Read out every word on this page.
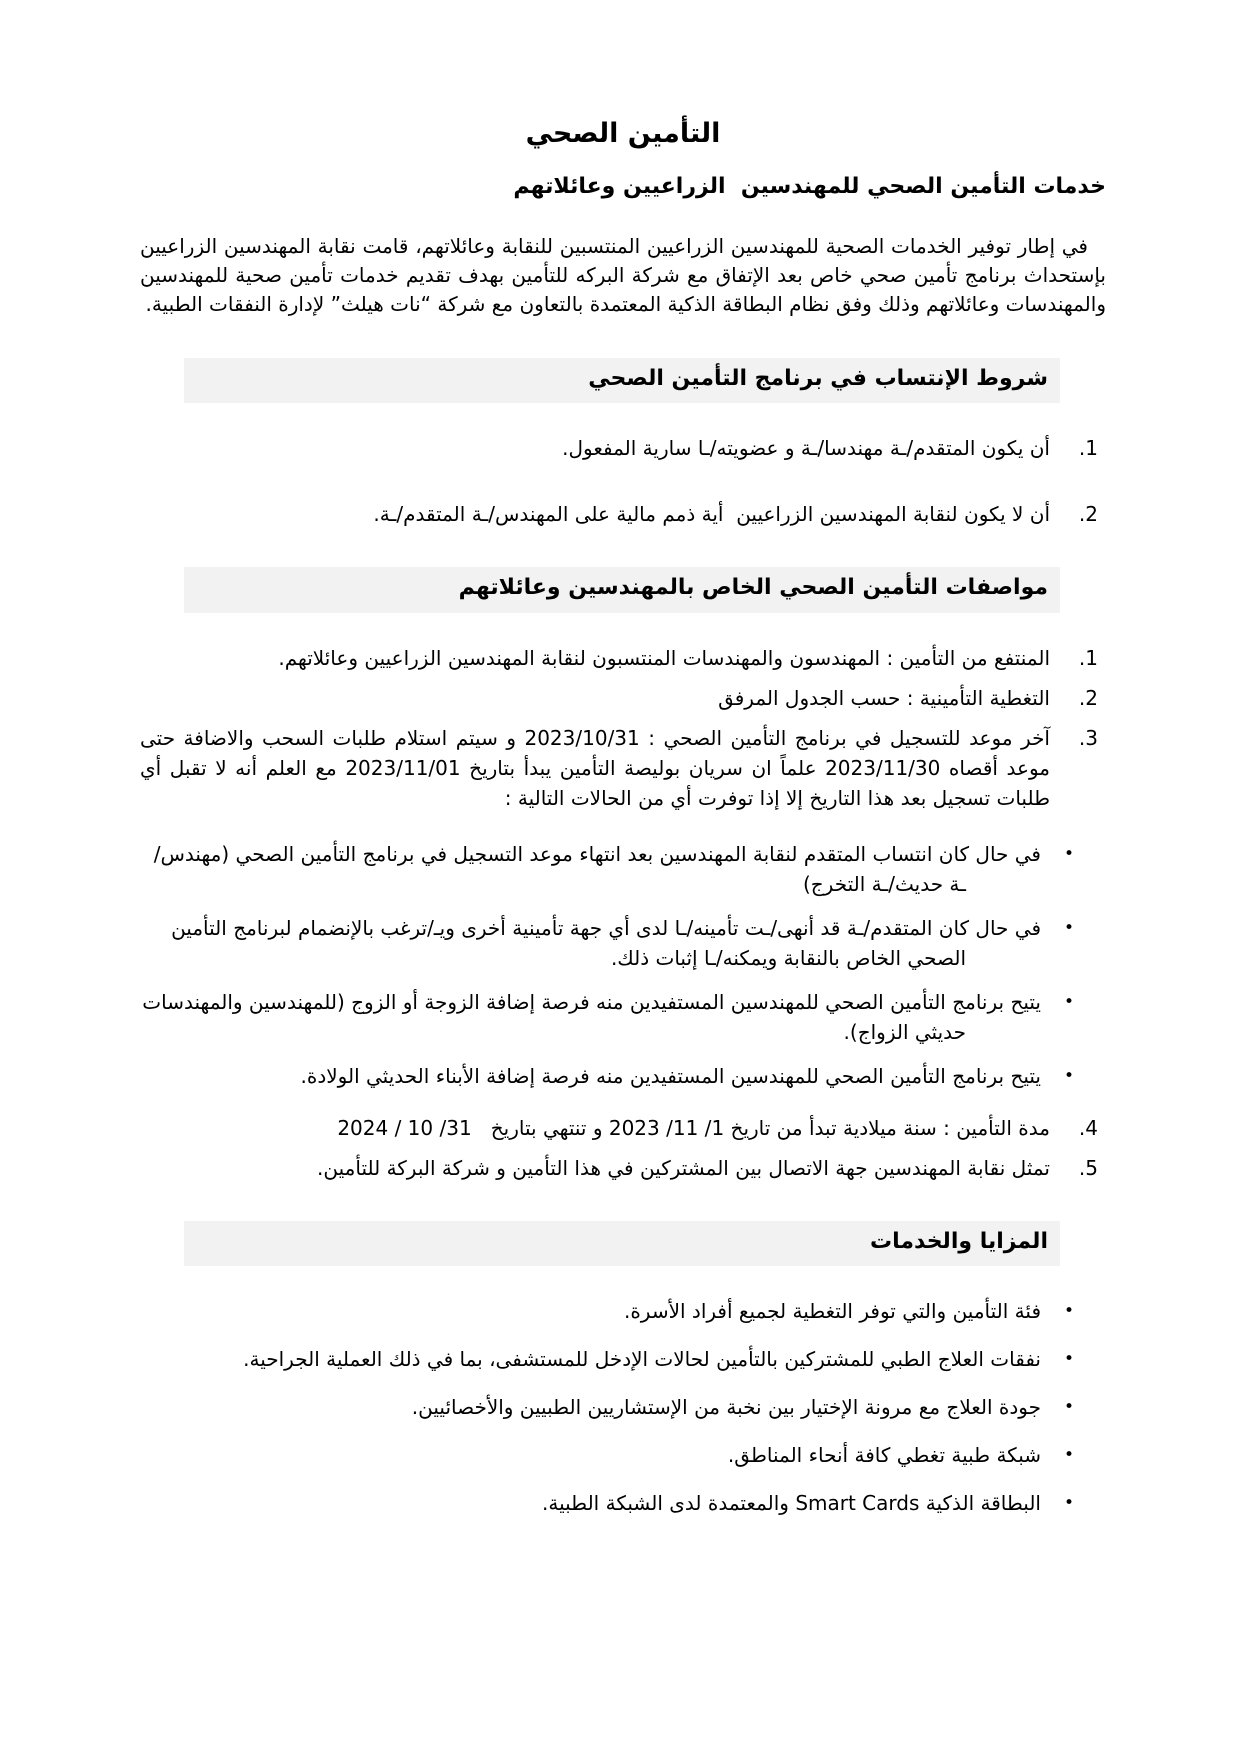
التأمين الصحي
خدمات التأمين الصحي للمهندسين  الزراعيين وعائلاتهم

في إطار توفير الخدمات الصحية للمهندسين الزراعيين المنتسبين للنقابة وعائلاتهم، قامت نقابة المهندسين الزراعيين بإستحداث برنامج تأمين صحي خاص بعد الإتفاق مع شركة البركه للتأمين بهدف تقديم خدمات تأمين صحية للمهندسين والمهندسات وعائلاتهم وذلك وفق نظام البطاقة الذكية المعتمدة بالتعاون مع شركة “نات هيلث” لإدارة النفقات الطبية.

شروط الإنتساب في برنامج التأمين الصحي
1.
أن يكون المتقدم/ـة مهندسا/ـة و عضويته/ـا سارية المفعول.
2.
أن لا يكون لنقابة المهندسين الزراعيين  أية ذمم مالية على المهندس/ـة المتقدم/ـة.
مواصفات التأمين الصحي الخاص بالمهندسين وعائلاتهم
1.
المنتفع من التأمين : المهندسون والمهندسات المنتسبون لنقابة المهندسين الزراعيين وعائلاتهم.
2.
التغطية التأمينية : حسب الجدول المرفق
3.
آخر موعد للتسجيل في برنامج التأمين الصحي : 2023/10/31 و سيتم استلام طلبات السحب والاضافة حتى موعد أقصاه 2023/11/30 علماً ان سريان بوليصة التأمين يبدأ بتاريخ 2023/11/01 مع العلم أنه لا تقبل أي طلبات تسجيل بعد هذا التاريخ إلا إذا توفرت أي من الحالات التالية :
•
في حال كان انتساب المتقدم لنقابة المهندسين بعد انتهاء موعد التسجيل في برنامج التأمين الصحي (مهندس/ـة حديث/ـة التخرج)
•
في حال كان المتقدم/ـة قد أنهى/ـت تأمينه/ـا لدى أي جهة تأمينية أخرى ويـ/ترغب بالإنضمام لبرنامج التأمين الصحي الخاص بالنقابة ويمكنه/ـا إثبات ذلك.
•
يتيح برنامج التأمين الصحي للمهندسين المستفيدين منه فرصة إضافة الزوجة أو الزوج (للمهندسين والمهندسات حديثي الزواج).
•
يتيح برنامج التأمين الصحي للمهندسين المستفيدين منه فرصة إضافة الأبناء الحديثي الولادة.
4.
مدة التأمين : سنة ميلادية تبدأ من تاريخ 1/ 11/ 2023 و تنتهي بتاريخ   31/ 10 / 2024
5.
تمثل نقابة المهندسين جهة الاتصال بين المشتركين في هذا التأمين و شركة البركة للتأمين.
المزايا والخدمات
•
فئة التأمين والتي توفر التغطية لجميع أفراد الأسرة.
•
نفقات العلاج الطبي للمشتركين بالتأمين لحالات الإدخل للمستشفى، بما في ذلك العملية الجراحية.
•
جودة العلاج مع مرونة الإختيار بين نخبة من الإستشاريين الطبيين والأخصائيين.
•
شبكة طبية تغطي كافة أنحاء المناطق.
•
البطاقة الذكية Smart Cards والمعتمدة لدى الشبكة الطبية.
